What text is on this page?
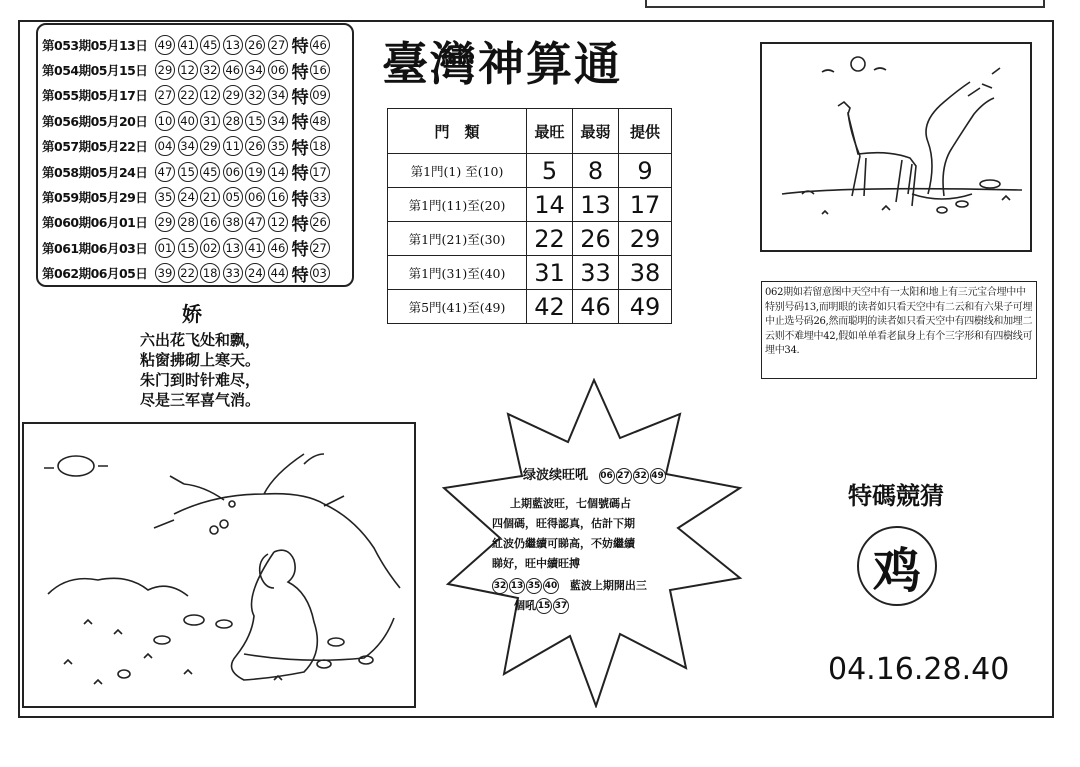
第053期05月13日 49 41 45 13 26 27 特 46
第054期05月15日 29 12 32 46 34 06 特 16
第055期05月17日 27 22 12 29 32 34 特 09
第056期05月20日 10 40 31 28 15 34 特 48
第057期05月22日 04 34 29 11 26 35 特 18
第058期05月24日 47 15 45 06 19 14 特 17
第059期05月29日 35 24 21 05 06 16 特 33
第060期06月01日 29 28 16 38 47 12 特 26
第061期06月03日 01 15 02 13 41 46 特 27
第062期06月05日 39 22 18 33 24 44 特 03
娇
六出花飞处和飘，
粘窗拂砌上寒天。
朱门到时针难尽，
尽是三军喜气消。
臺灣神算通
門　類	最旺	最弱	提供
第1門(1) 至(10)	5	8	9
第1門(11)至(20)	14	13	17
第1門(21)至(30)	22	26	29
第1門(31)至(40)	31	33	38
第5門(41)至(49)	42	46	49	062期如若留意图中天空中有一太阳和地上有三元宝合埋中中特别号码13,而明眼的读者如只看天空中有二云和有六果子可埋中止选号码26,然而聪明的读者如只看天空中有四樹线和加埋二云则不难埋中42,假如单单看老鼠身上有个三字形和有四樹线可埋中34.
绿波续旺吼 06 27 32 49
上期藍波旺，七個號碼占
四個碼，旺得認真，估計下期
紅波仍繼續可睇高，不妨繼續
睇好，旺中續旺搏
32 13 35 40 藍波上期開出三
個吼 15 37
特碼競猜
鸡
04.16.28.40
